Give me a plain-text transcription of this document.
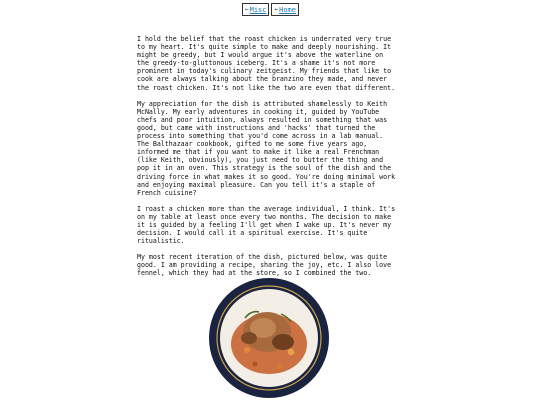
← Misc ← Home

I hold the belief that the roast chicken is underrated very true
to my heart. It's quite simple to make and deeply nourishing. It
might be greedy, but I would argue it's above the waterline on
the greedy-to-gluttonous iceberg. It's a shame it's not more
prominent in today's culinary zeitgeist. My friends that like to
cook are always talking about the branzino they made, and never
the roast chicken. It's not like the two are even that different.

My appreciation for the dish is attributed shamelessly to Keith
McNally. My early adventures in cooking it, guided by YouTube
chefs and poor intuition, always resulted in something that was
good, but came with instructions and 'hacks' that turned the
process into something that you'd come across in a lab manual.
The Balthazaar cookbook, gifted to me some five years ago,
informed me that if you want to make it like a real Frenchman
(like Keith, obviously), you just need to butter the thing and
pop it in an oven. This strategy is the soul of the dish and the
driving force in what makes it so good. You're doing minimal work
and enjoying maximal pleasure. Can you tell it's a staple of
French cuisine?

I roast a chicken more than the average individual, I think. It's
on my table at least once every two months. The decision to make
it is guided by a feeling I'll get when I wake up. It's never my
decision. I would call it a spiritual exercise. It's quite
ritualistic.

My most recent iteration of the dish, pictured below, was quite
good. I am providing a recipe, sharing the joy, etc. I also love
fennel, which they had at the store, so I combined the two.
